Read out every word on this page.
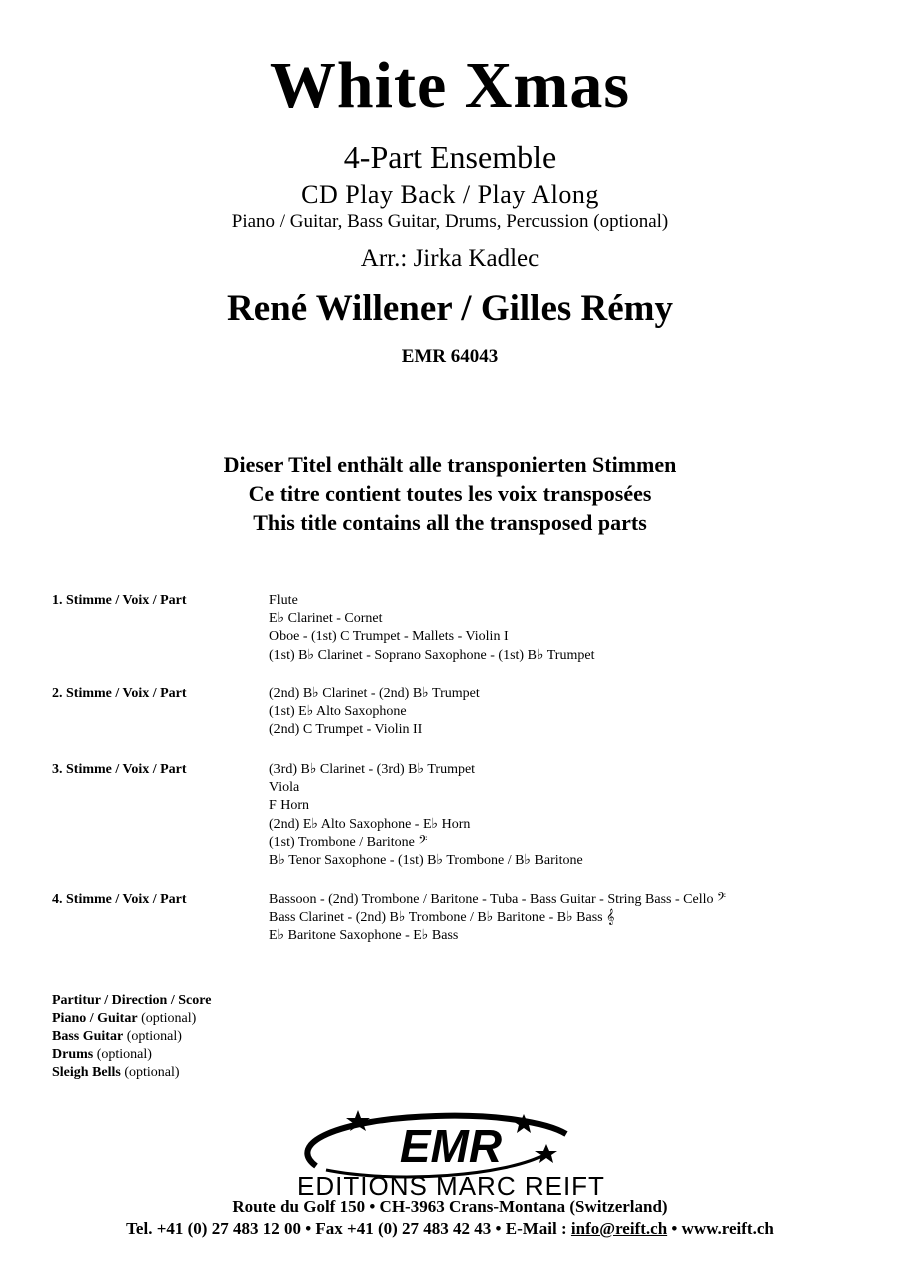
White Xmas
4-Part Ensemble
CD Play Back / Play Along
Piano / Guitar, Bass Guitar, Drums, Percussion (optional)
Arr.: Jirka Kadlec
René Willener / Gilles Rémy
EMR 64043
Dieser Titel enthält alle transponierten Stimmen
Ce titre contient toutes les voix transposées
This title contains all the transposed parts
1. Stimme / Voix / Part	Flute
E♭ Clarinet - Cornet
Oboe - (1st) C Trumpet - Mallets - Violin I
(1st) B♭ Clarinet - Soprano Saxophone - (1st) B♭ Trumpet
2. Stimme / Voix / Part	(2nd) B♭ Clarinet - (2nd) B♭ Trumpet
(1st) E♭ Alto Saxophone
(2nd) C Trumpet - Violin II
3. Stimme / Voix / Part	(3rd) B♭ Clarinet - (3rd) B♭ Trumpet
Viola
F Horn
(2nd) E♭ Alto Saxophone - E♭ Horn
(1st) Trombone / Baritone 𝄢
B♭ Tenor Saxophone - (1st) B♭ Trombone / B♭ Baritone
4. Stimme / Voix / Part	Bassoon - (2nd) Trombone / Baritone - Tuba - Bass Guitar - String Bass - Cello 𝄢
Bass Clarinet - (2nd) B♭ Trombone / B♭ Baritone - B♭ Bass 𝄞
E♭ Baritone Saxophone - E♭ Bass
Partitur / Direction / Score
Piano / Guitar (optional)
Bass Guitar (optional)
Drums (optional)
Sleigh Bells (optional)
EMR
EDITIONS MARC REIFT
Route du Golf 150 • CH-3963 Crans-Montana (Switzerland)
Tel. +41 (0) 27 483 12 00 • Fax +41 (0) 27 483 42 43 • E-Mail : info@reift.ch • www.reift.ch
